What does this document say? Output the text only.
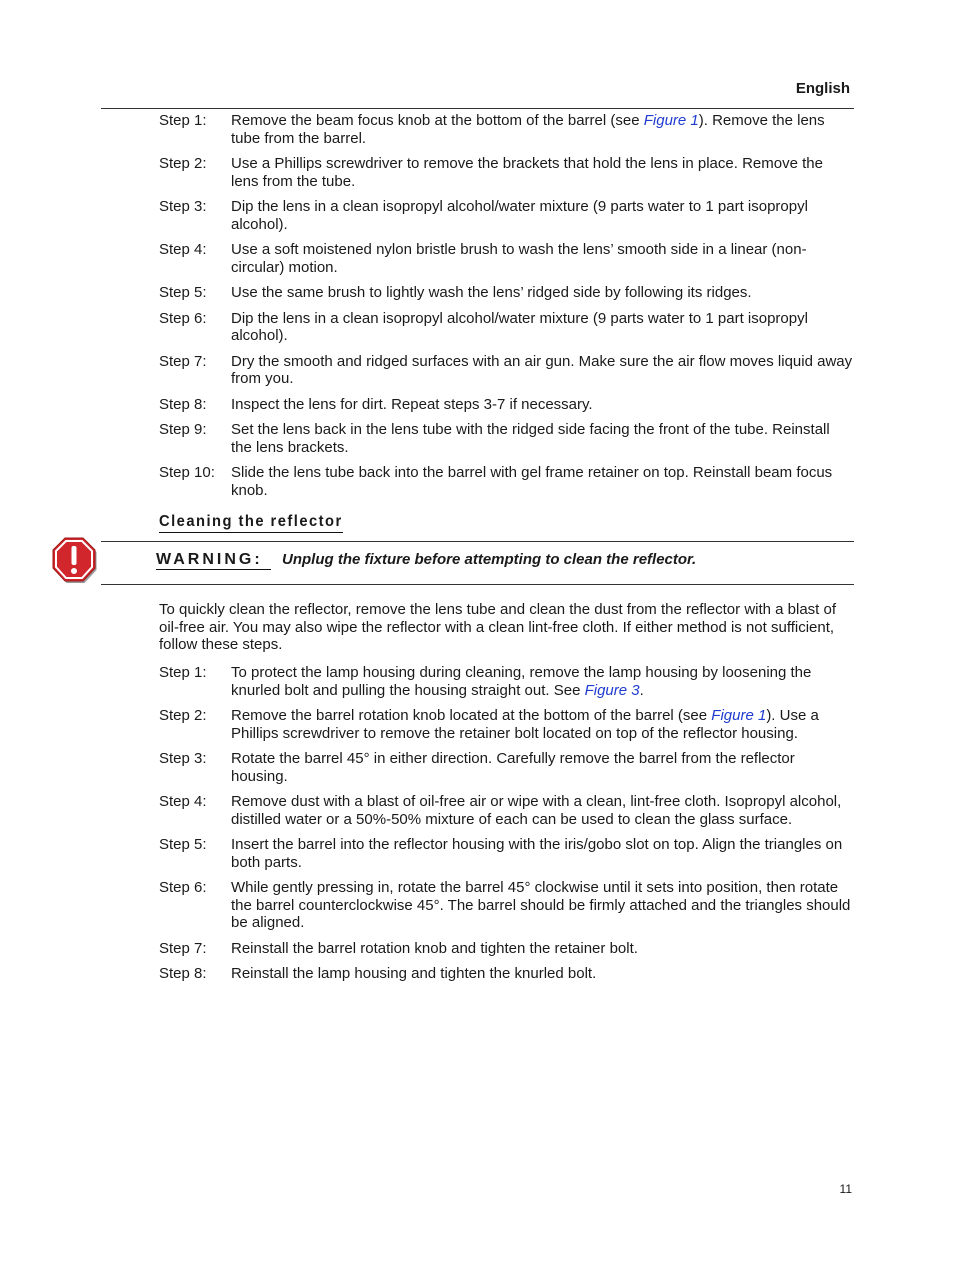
English
Step 1:	Remove the beam focus knob at the bottom of the barrel (see Figure 1). Remove the lens tube from the barrel.
Step 2:	Use a Phillips screwdriver to remove the brackets that hold the lens in place. Remove the lens from the tube.
Step 3:	Dip the lens in a clean isopropyl alcohol/water mixture (9 parts water to 1 part isopropyl alcohol).
Step 4:	Use a soft moistened nylon bristle brush to wash the lens’ smooth side in a linear (non-circular) motion.
Step 5:	Use the same brush to lightly wash the lens’ ridged side by following its ridges.
Step 6:	Dip the lens in a clean isopropyl alcohol/water mixture (9 parts water to 1 part isopropyl alcohol).
Step 7:	Dry the smooth and ridged surfaces with an air gun. Make sure the air flow moves liquid away from you.
Step 8:	Inspect the lens for dirt. Repeat steps 3-7 if necessary.
Step 9:	Set the lens back in the lens tube with the ridged side facing the front of the tube. Reinstall the lens brackets.
Step 10:	Slide the lens tube back into the barrel with gel frame retainer on top. Reinstall beam focus knob.
Cleaning the reflector
WARNING:	Unplug the fixture before attempting to clean the reflector.
To quickly clean the reflector, remove the lens tube and clean the dust from the reflector with a blast of oil-free air. You may also wipe the reflector with a clean lint-free cloth. If either method is not sufficient, follow these steps.
Step 1:	To protect the lamp housing during cleaning, remove the lamp housing by loosening the knurled bolt and pulling the housing straight out. See Figure 3.
Step 2:	Remove the barrel rotation knob located at the bottom of the barrel (see Figure 1). Use a Phillips screwdriver to remove the retainer bolt located on top of the reflector housing.
Step 3:	Rotate the barrel 45° in either direction. Carefully remove the barrel from the reflector housing.
Step 4:	Remove dust with a blast of oil-free air or wipe with a clean, lint-free cloth. Isopropyl alcohol, distilled water or a 50%-50% mixture of each can be used to clean the glass surface.
Step 5:	Insert the barrel into the reflector housing with the iris/gobo slot on top. Align the triangles on both parts.
Step 6:	While gently pressing in, rotate the barrel 45° clockwise until it sets into position, then rotate the barrel counterclockwise 45°. The barrel should be firmly attached and the triangles should be aligned.
Step 7:	Reinstall the barrel rotation knob and tighten the retainer bolt.
Step 8:	Reinstall the lamp housing and tighten the knurled bolt.
11
